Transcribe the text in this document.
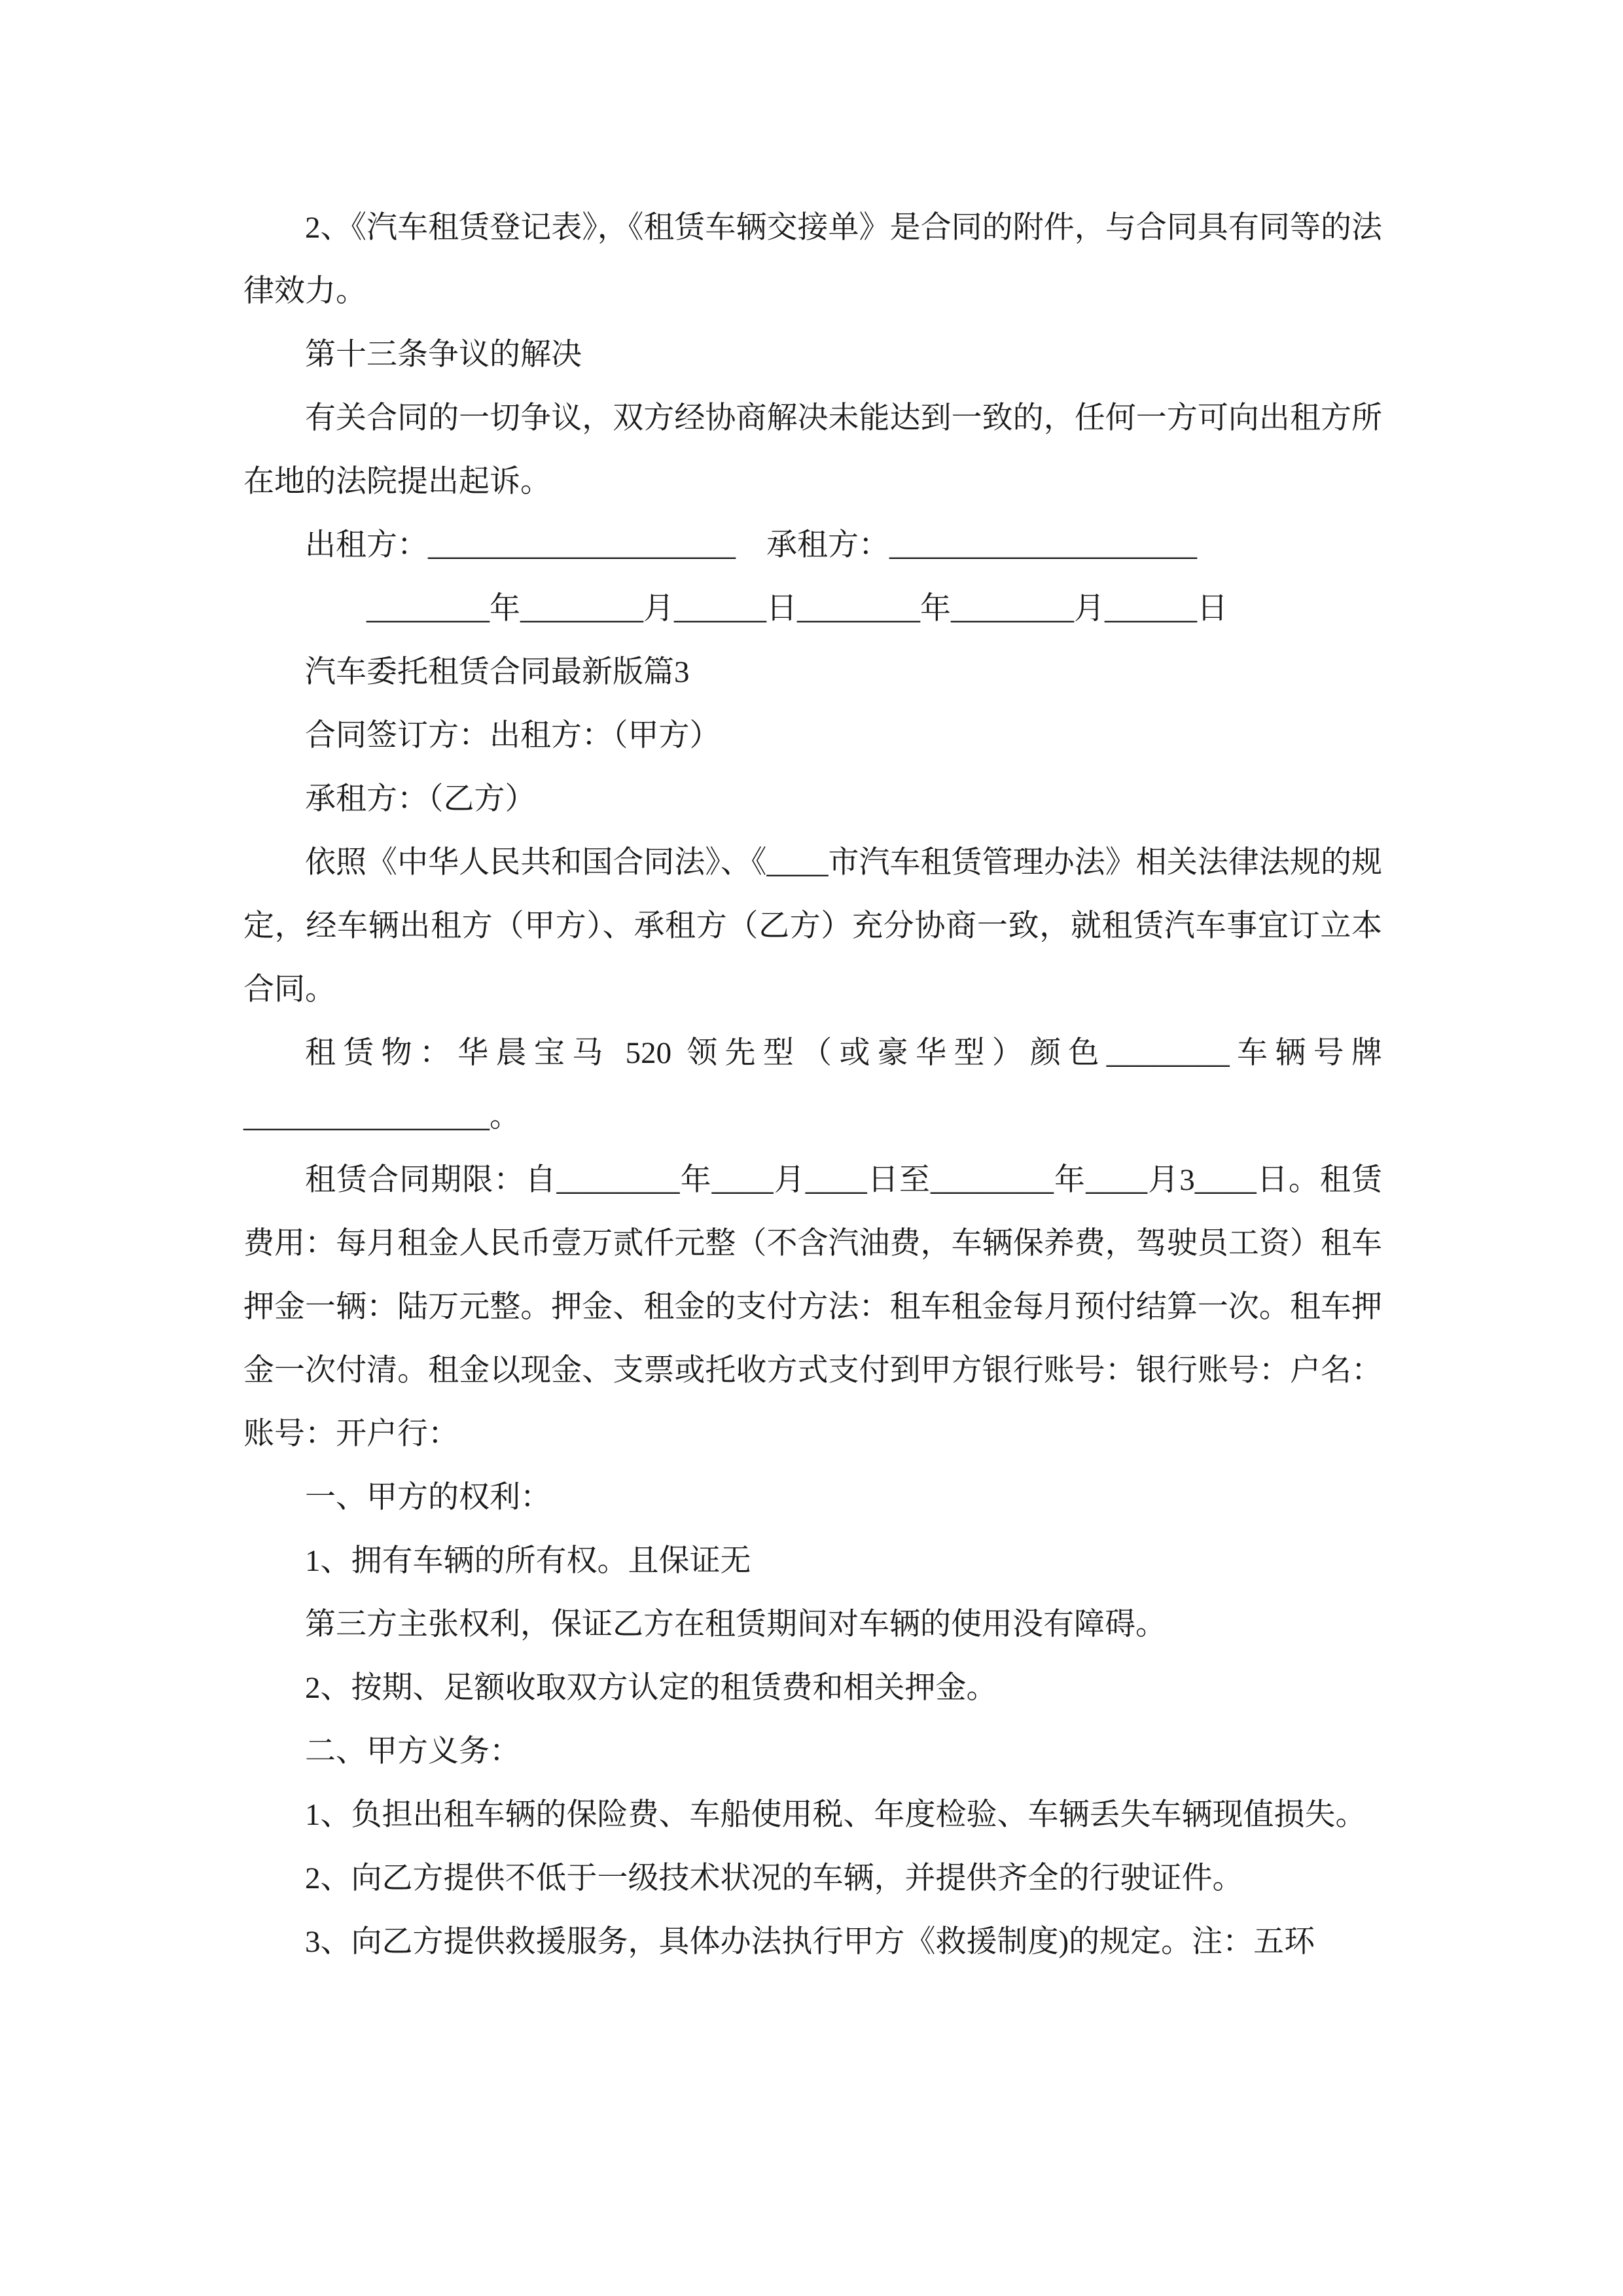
2、《汽车租赁登记表》，《租赁车辆交接单》是合同的附件，与合同具有同等的法律效力。

第十三条争议的解决

有关合同的一切争议，双方经协商解决未能达到一致的，任何一方可向出租方所在地的法院提出起诉。

出租方：____________________　承租方：____________________

________年________月______日________年________月______日

汽车委托租赁合同最新版篇3

合同签订方：出租方：（甲方）

承租方：（乙方）

依照《中华人民共和国合同法》、《____市汽车租赁管理办法》相关法律法规的规定，经车辆出租方（甲方）、承租方（乙方）充分协商一致，就租赁汽车事宜订立本合同。

租赁物：华晨宝马 520 领先型（或豪华型）颜色________车辆号牌________________。

租赁合同期限：自________年____月____日至________年____月3____日。租赁费用：每月租金人民币壹万贰仟元整（不含汽油费，车辆保养费，驾驶员工资）租车押金一辆：陆万元整。押金、租金的支付方法：租车租金每月预付结算一次。租车押金一次付清。租金以现金、支票或托收方式支付到甲方银行账号：银行账号：户名：账号：开户行：

一、甲方的权利：

1、拥有车辆的所有权。且保证无

第三方主张权利，保证乙方在租赁期间对车辆的使用没有障碍。

2、按期、足额收取双方认定的租赁费和相关押金。

二、甲方义务：

1、负担出租车辆的保险费、车船使用税、年度检验、车辆丢失车辆现值损失。

2、向乙方提供不低于一级技术状况的车辆，并提供齐全的行驶证件。

3、向乙方提供救援服务，具体办法执行甲方《救援制度)的规定。注：五环
